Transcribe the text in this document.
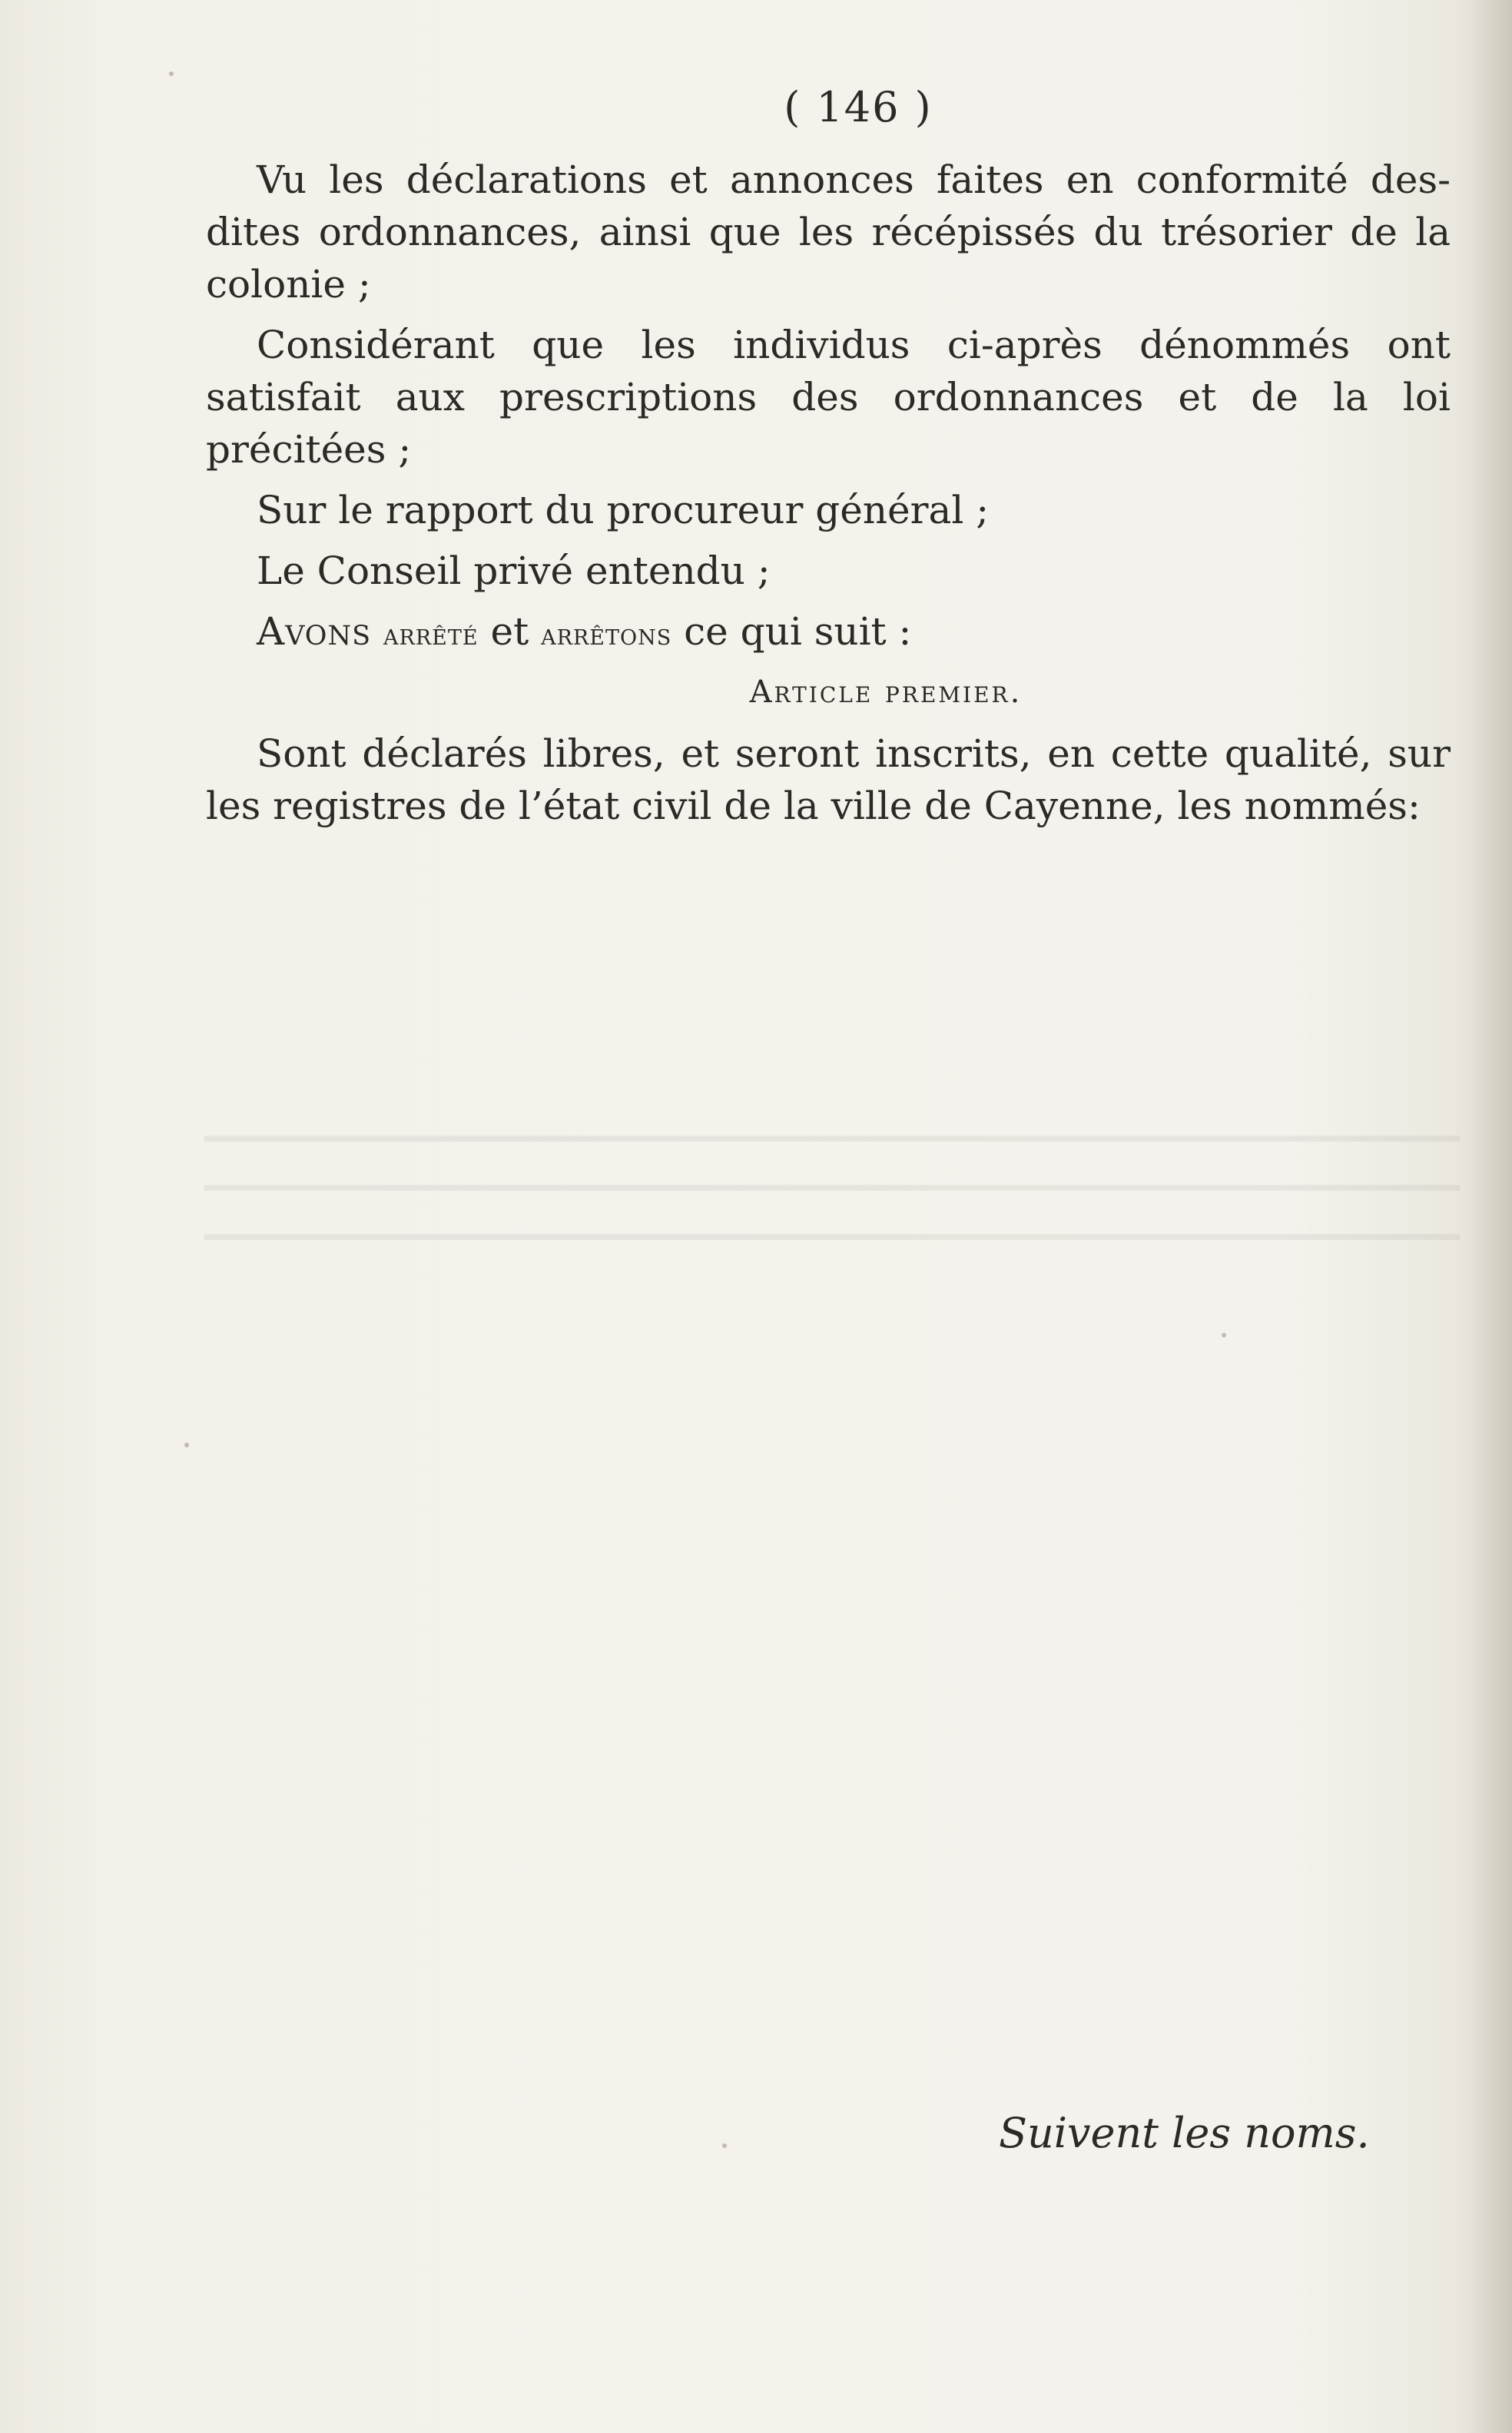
━━━━━━━━━━━━━━━━━━━━━━━━━━━━━━━━━━━━━━━━━━━━━━━━━━━━━━━━━━━
━━━━━━━━━━━━━━━━━━━━━━━━━━━━━━━━━━━━━━━━━━━━━━━━━━━━━━━━━━━
━━━━━━━━━━━━━━━━━━━━━━━━━━━━━━━━━━━━━━━━━━━━━━━━━━━━━━━━━━━
( 146 )

Vu les déclarations et annonces faites en conformité des-dites ordonnances, ainsi que les récépissés du trésorier de la colonie ;

Considérant que les individus ci-après dénommés ont satisfait aux prescriptions des ordonnances et de la loi précitées ;

Sur le rapport du procureur général ;

Le Conseil privé entendu ;

Avons arrêté et arrêtons ce qui suit :

Article premier.

Sont déclarés libres, et seront inscrits, en cette qualité, sur les registres de l’état civil de la ville de Cayenne, les nommés:

Suivent les noms.
